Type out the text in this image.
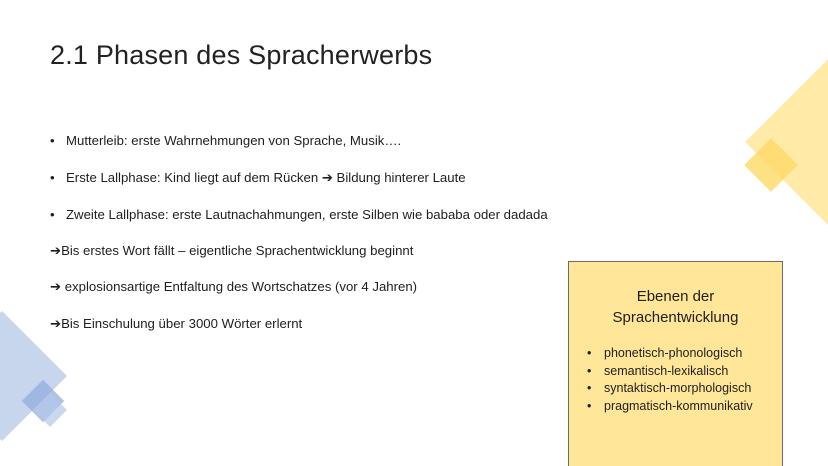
2.1 Phasen des Spracherwerbs
• Mutterleib: erste Wahrnehmungen von Sprache, Musik….
• Erste Lallphase: Kind liegt auf dem Rücken ➔ Bildung hinterer Laute
• Zweite Lallphase: erste Lautnachahmungen, erste Silben wie bababa oder dadada
➔Bis erstes Wort fällt – eigentliche Sprachentwicklung beginnt
➔ explosionsartige Entfaltung des Wortschatzes (vor 4 Jahren)
➔Bis Einschulung über 3000 Wörter erlernt
Ebenen der
Sprachentwicklung
• phonetisch-phonologisch
• semantisch-lexikalisch
• syntaktisch-morphologisch
• pragmatisch-kommunikativ
